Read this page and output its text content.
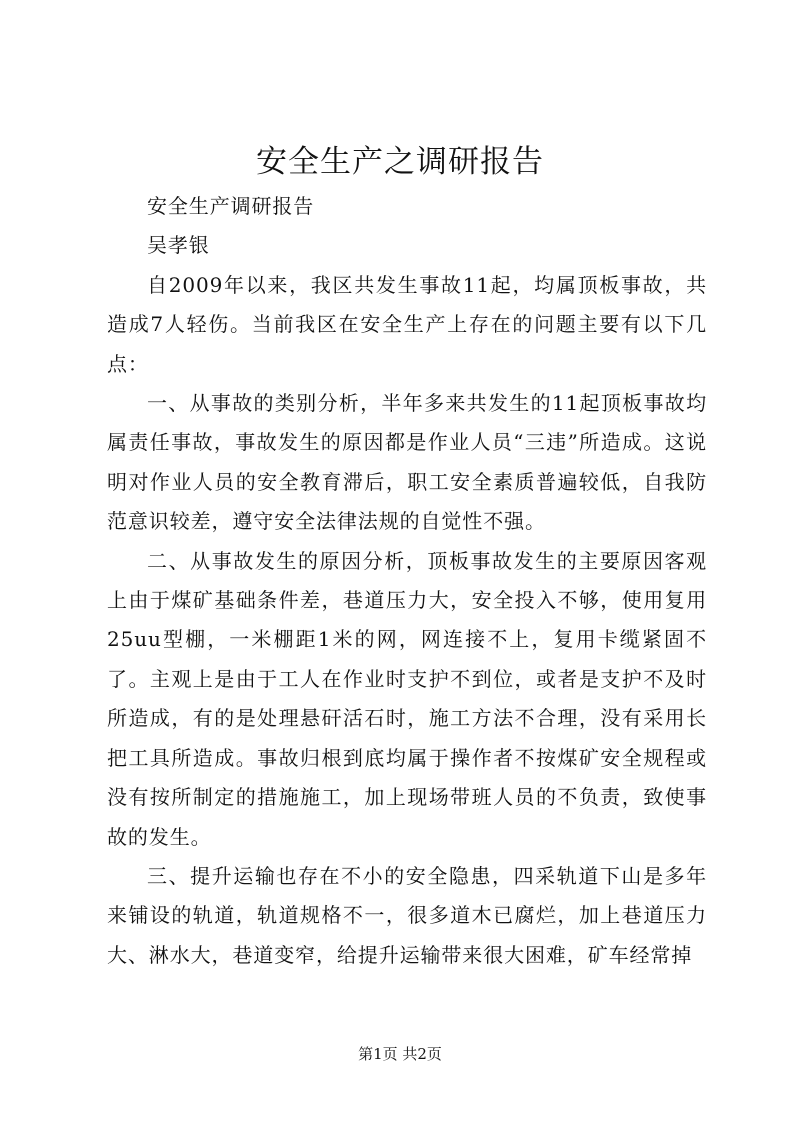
安全生产之调研报告

安全生产调研报告

吴孝银

自2009年以来，我区共发生事故11起，均属顶板事故，共造成7人轻伤。当前我区在安全生产上存在的问题主要有以下几点：

一、从事故的类别分析，半年多来共发生的11起顶板事故均属责任事故，事故发生的原因都是作业人员“三违”所造成。这说明对作业人员的安全教育滞后，职工安全素质普遍较低，自我防范意识较差，遵守安全法律法规的自觉性不强。

二、从事故发生的原因分析，顶板事故发生的主要原因客观上由于煤矿基础条件差，巷道压力大，安全投入不够，使用复用25uu型棚，一米棚距1米的网，网连接不上，复用卡缆紧固不了。主观上是由于工人在作业时支护不到位，或者是支护不及时所造成，有的是处理悬矸活石时，施工方法不合理，没有采用长把工具所造成。事故归根到底均属于操作者不按煤矿安全规程或没有按所制定的措施施工，加上现场带班人员的不负责，致使事故的发生。

三、提升运输也存在不小的安全隐患，四采轨道下山是多年来铺设的轨道，轨道规格不一，很多道木已腐烂，加上巷道压力大、淋水大，巷道变窄，给提升运输带来很大困难，矿车经常掉

第1页 共2页
